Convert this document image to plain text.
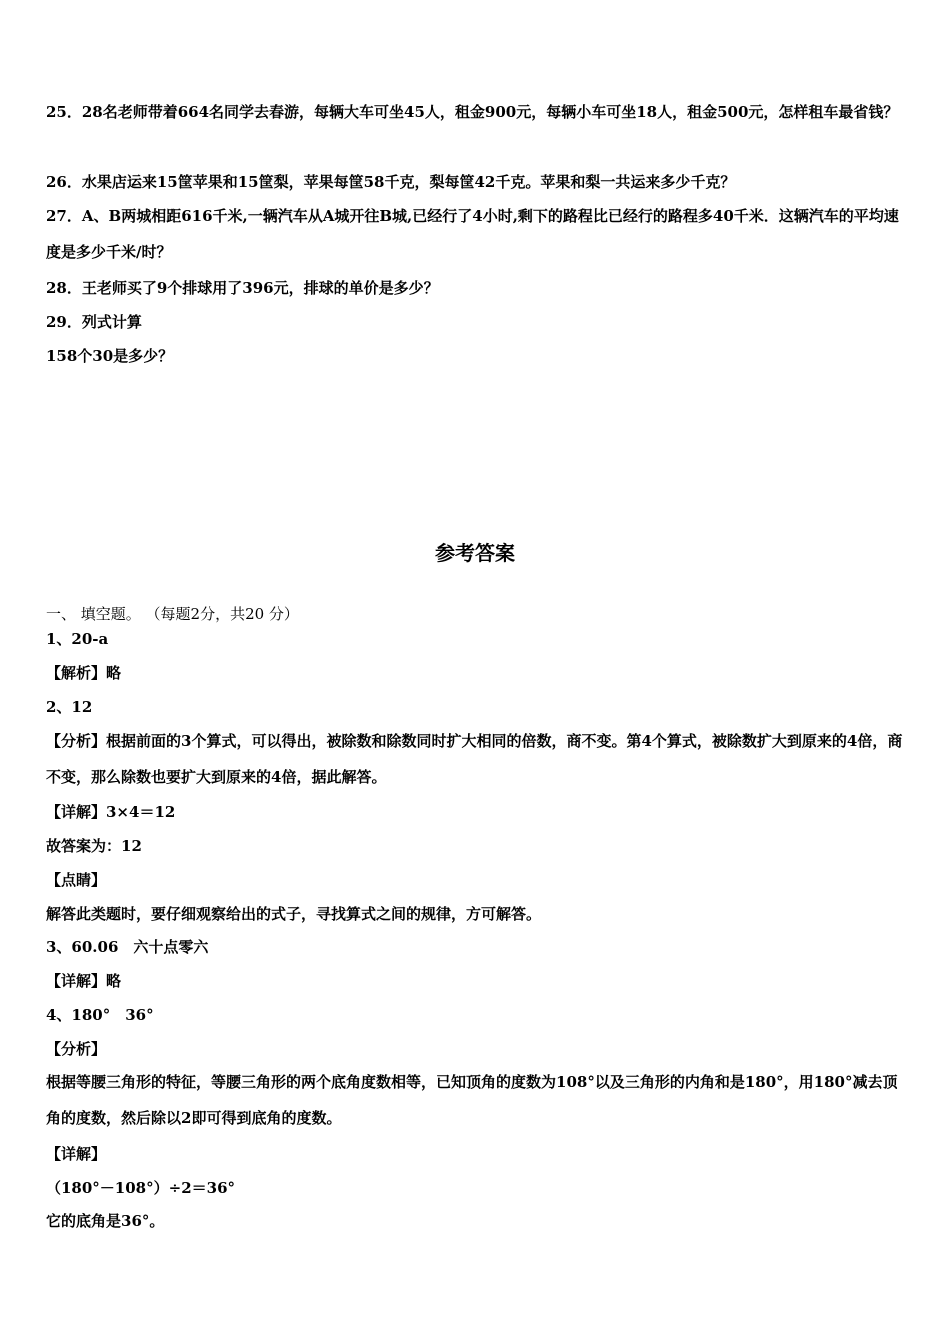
25．28名老师带着664名同学去春游，每辆大车可坐45人，租金900元，每辆小车可坐18人，租金500元，怎样租车最省钱？
26．水果店运来15筐苹果和15筐梨，苹果每筐58千克，梨每筐42千克。苹果和梨一共运来多少千克？
27．A、B两城相距616千米,一辆汽车从A城开往B城,已经行了4小时,剩下的路程比已经行的路程多40千米．这辆汽车的平均速度是多少千米/时？
28．王老师买了9个排球用了396元，排球的单价是多少？
29．列式计算
158个30是多少？
参考答案
一、 填空题。 （每题2分，共20 分）
1、20-a
【解析】略
2、12
【分析】根据前面的3个算式，可以得出，被除数和除数同时扩大相同的倍数，商不变。第4个算式，被除数扩大到原来的4倍，商不变，那么除数也要扩大到原来的4倍，据此解答。
【详解】3×4＝12
故答案为：12
【点睛】
解答此类题时，要仔细观察给出的式子，寻找算式之间的规律，方可解答。
3、60.06　六十点零六
【详解】略
4、180°　36°
【分析】
根据等腰三角形的特征，等腰三角形的两个底角度数相等，已知顶角的度数为108°以及三角形的内角和是180°，用180°减去顶角的度数，然后除以2即可得到底角的度数。
【详解】
（180°－108°）÷2＝36°
它的底角是36°。
